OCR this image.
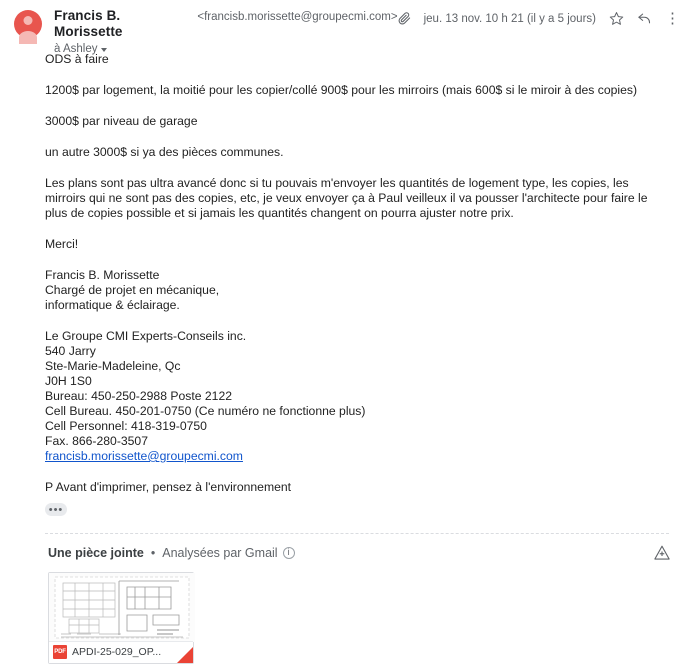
Francis B. Morissette
<francisb.morissette@groupecmi.com>
à Ashley
jeu. 13 nov. 10 h 21 (il y a 5 jours)	⋮

ODS à faire

1200$ par logement, la moitié pour les copier/collé 900$ pour les mirroirs (mais 600$ si le miroir à des copies)

3000$ par niveau de garage

un autre 3000$ si ya des pièces communes.

Les plans sont pas ultra avancé donc si tu pouvais m'envoyer les quantités de logement type, les copies, les mirroirs qui ne sont pas des copies, etc, je veux envoyer ça à Paul veilleux il va pousser l'architecte pour faire le plus de copies possible et si jamais les quantités changent on pourra ajuster notre prix.

Merci!

Francis B. Morissette

Chargé de projet en mécanique,

informatique & éclairage.

Le Groupe CMI Experts-Conseils inc.

540 Jarry

Ste-Marie-Madeleine, Qc

J0H 1S0

Bureau: 450-250-2988 Poste 2122

Cell Bureau. 450-201-0750 (Ce numéro ne fonctionne plus)

Cell Personnel: 418-319-0750

Fax. 866-280-3507

francisb.morissette@groupecmi.com

P Avant d'imprimer, pensez à l'environnement

•••
Une pièce jointe • Analysées par Gmail	i
PDF APDI-25-029_OP...
